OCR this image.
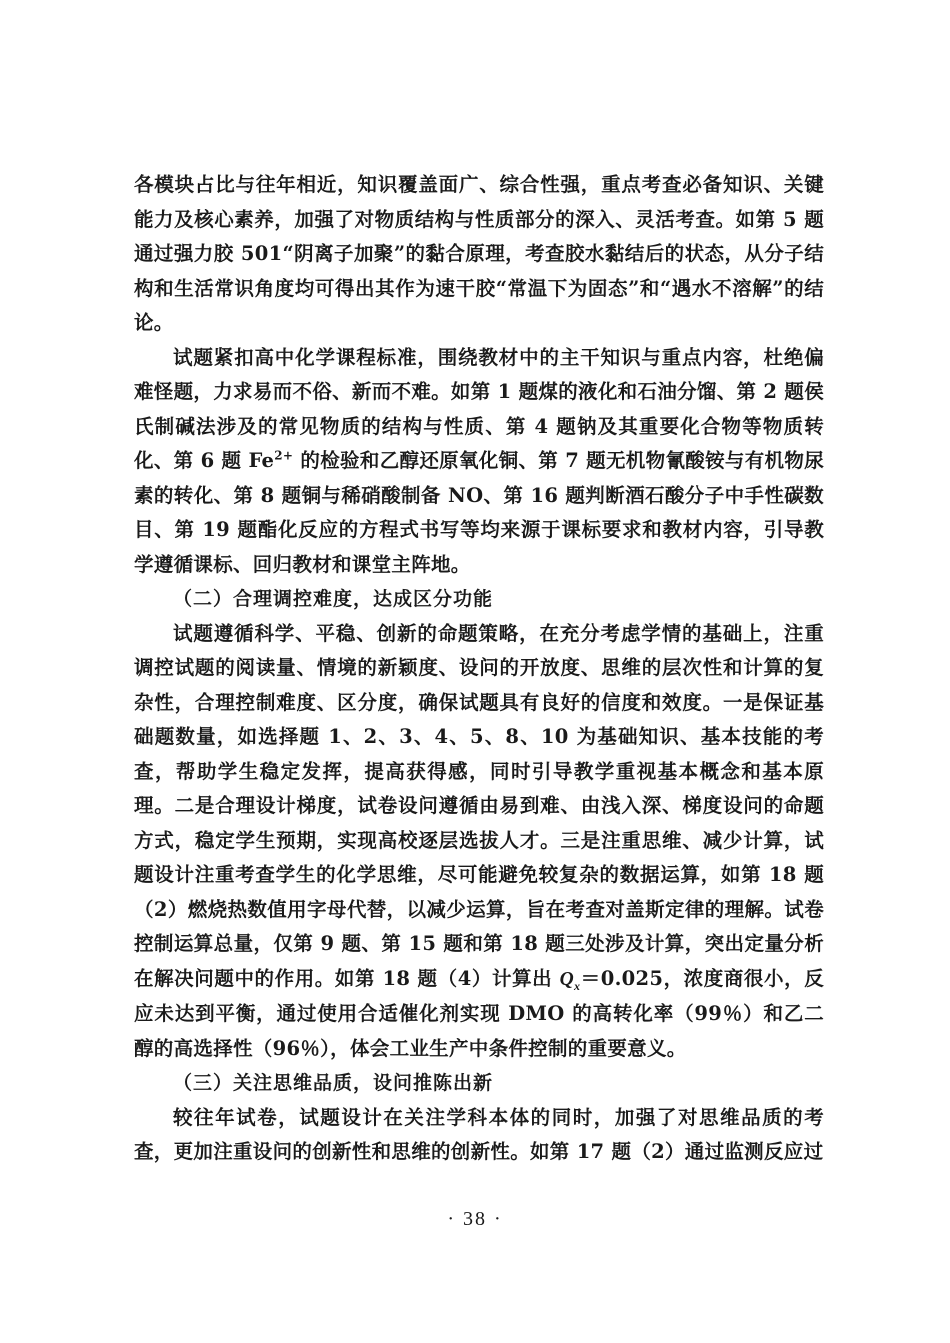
各模块占比与往年相近，知识覆盖面广、综合性强，重点考查必备知识、关键能力及核心素养，加强了对物质结构与性质部分的深入、灵活考查。如第 5 题通过强力胶 501“阴离子加聚”的黏合原理，考查胶水黏结后的状态，从分子结构和生活常识角度均可得出其作为速干胶“常温下为固态”和“遇水不溶解”的结论。

试题紧扣高中化学课程标准，围绕教材中的主干知识与重点内容，杜绝偏难怪题，力求易而不俗、新而不难。如第 1 题煤的液化和石油分馏、第 2 题侯氏制碱法涉及的常见物质的结构与性质、第 4 题钠及其重要化合物等物质转化、第 6 题 $Fe^{2+}$ 的检验和乙醇还原氧化铜、第 7 题无机物氰酸铵与有机物尿素的转化、第 8 题铜与稀硝酸制备 NO、第 16 题判断酒石酸分子中手性碳数目、第 19 题酯化反应的方程式书写等均来源于课标要求和教材内容，引导教学遵循课标、回归教材和课堂主阵地。

（二）合理调控难度，达成区分功能

试题遵循科学、平稳、创新的命题策略，在充分考虑学情的基础上，注重调控试题的阅读量、情境的新颖度、设问的开放度、思维的层次性和计算的复杂性，合理控制难度、区分度，确保试题具有良好的信度和效度。一是保证基础题数量，如选择题 1、2、3、4、5、8、10 为基础知识、基本技能的考查，帮助学生稳定发挥，提高获得感，同时引导教学重视基本概念和基本原理。二是合理设计梯度，试卷设问遵循由易到难、由浅入深、梯度设问的命题方式，稳定学生预期，实现高校逐层选拔人才。三是注重思维、减少计算，试题设计注重考查学生的化学思维，尽可能避免较复杂的数据运算，如第 18 题（2）燃烧热数值用字母代替，以减少运算，旨在考查对盖斯定律的理解。试卷控制运算总量，仅第 9 题、第 15 题和第 18 题三处涉及计算，突出定量分析在解决问题中的作用。如第 18 题（4）计算出 $Q_x=0.025$，浓度商很小，反应未达到平衡，通过使用合适催化剂实现 DMO 的高转化率（99％）和乙二醇的高选择性（96％），体会工业生产中条件控制的重要意义。

（三）关注思维品质，设问推陈出新

较往年试卷，试题设计在关注学科本体的同时，加强了对思维品质的考查，更加注重设问的创新性和思维的创新性。如第 17 题（2）通过监测反应过

· 38 ·
